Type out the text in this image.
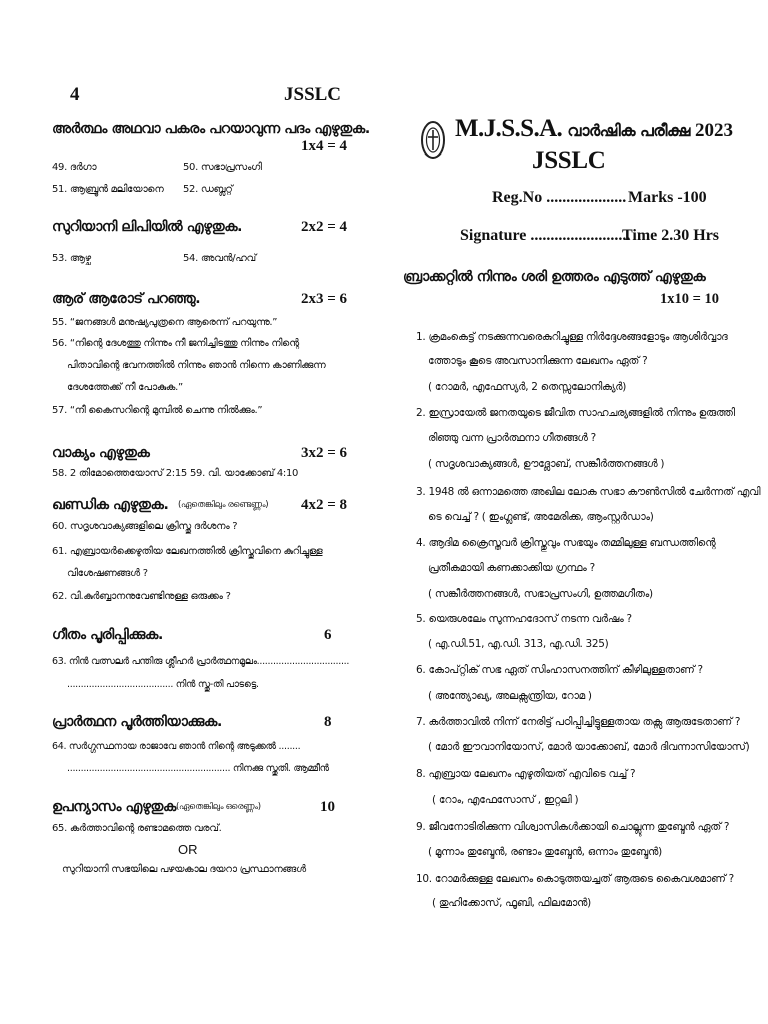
4	JSSLC
അർത്ഥം അഥവാ പകരം പറയാവുന്ന പദം എഴുതുക.
1x4 = 4
49. ദർഗാ	50. സഭാപ്രസംഗി
51. ആബ്രൂൻ മലിയോനെ 52. ഡബ്ലറ്റ്
സുറിയാനി ലിപിയിൽ എഴുതുക.	2x2 = 4
53. ആഴ്ച	54. അവൻ/ഹവ്
ആര് ആരോട് പറഞ്ഞു.	2x3 = 6
55. “ജനങ്ങൾ മനുഷ്യപുത്രനെ ആരെന്ന് പറയുന്നു.”
56. “നിന്റെ ദേശത്തു നിന്നും നീ ജനിച്ചിടത്തു നിന്നും നിന്റെ
പിതാവിന്റെ ഭവനത്തിൽ നിന്നും ഞാൻ നിന്നെ കാണിക്കുന്ന
ദേശത്തേക്ക് നീ പോകുക.”
57. “നീ കൈസറിന്റെ മുമ്പിൽ ചെന്നു നിൽക്കും.”
വാക്യം എഴുതുക	3x2 = 6
58. 2 തിമോത്തെയോസ് 2:15 59. വി. യാക്കോബ് 4:10
ഖണ്ഡിക എഴുതുക. (ഏതെങ്കിലും രണ്ടെണ്ണം) 4x2 = 8
60. സദൃശവാക്യങ്ങളിലെ ക്രിസ്തു ദർശനം ?
61. എബ്രായർക്കെഴുതിയ ലേഖനത്തിൽ ക്രിസ്തുവിനെ കുറിച്ചുള്ള
വിശേഷണങ്ങൾ ?
62. വി.കുർബ്ബാനനുവേണ്ടിനുള്ള ഒരുക്കം ?
ഗീതം പൂരിപ്പിക്കുക.	6
63. നിൻ വത്സലർ പന്തിരു ശ്ലീഹർ പ്രാർത്ഥനമൂലം..................................
....................................... നിൻ സ്തു-തി പാടട്ടെ.
പ്രാർത്ഥന പൂർത്തിയാക്കുക.	8
64. സർഗ്ഗസ്ഥനായ രാജാവേ ഞാൻ നിന്റെ അടുക്കൽ ........
............................................................ നിനക്കു സ്തുതി. ആമ്മീൻ
ഉപന്യാസം എഴുതുക (ഏതെങ്കിലും ഒരെണ്ണം)	10
65. കർത്താവിന്റെ രണ്ടാമത്തെ വരവ്.
OR
സുറിയാനി സഭയിലെ പഴയകാല ദയറാ പ്രസ്ഥാനങ്ങൾ
M.J.S.S.A. വാർഷിക പരീക്ഷ 2023
JSSLC
Reg.No .................... Marks -100
Signature .........................
Time 2.30 Hrs
ബ്രാക്കറ്റിൽ നിന്നും ശരി ഉത്തരം എടുത്ത് എഴുതുക
1x10 = 10
1. ക്രമംകെട്ട് നടക്കുന്നവരെകുറിച്ചുള്ള നിർദ്ദേശങ്ങളോടും ആശിർവ്വാദ
ത്തോടും കൂടെ അവസാനിക്കുന്ന ലേഖനം ഏത് ?
( റോമർ, എഫേസ്യർ, 2 തെസ്സലോനിക്യർ)
2. ഇസ്രായേൽ ജനതയുടെ ജീവിത സാഹചര്യങ്ങളിൽ നിന്നും ഉരുത്തി
രിഞ്ഞു വന്ന പ്രാർത്ഥനാ ഗീതങ്ങൾ ?
( സദൃശവാക്യങ്ങൾ, ഊദ്ലോബ്, സങ്കീർത്തനങ്ങൾ )
3. 1948 ൽ ഒന്നാമത്തെ അഖില ലോക സഭാ കൗൺസിൽ ചേർന്നത് എവി
ടെ വെച്ച് ? ( ഇംഗ്ലണ്ട്, അമേരിക്ക, ആംസ്റ്റർഡാം)
4. ആദിമ ക്രൈസ്തവർ ക്രിസ്തുവും സഭയും തമ്മിലുള്ള ബന്ധത്തിന്റെ
പ്രതീകമായി കണക്കാക്കിയ ഗ്രന്ഥം ?
( സങ്കീർത്തനങ്ങൾ, സഭാപ്രസംഗി, ഉത്തമഗീതം)
5. യെരുശലേം സുന്നഹദോസ് നടന്ന വർഷം ?
( എ.ഡി.51, എ.ഡി. 313, എ.ഡി. 325)
6. കോപ്റ്റിക് സഭ ഏത് സിംഹാസനത്തിന് കീഴിലുള്ളതാണ് ?
( അന്ത്യോഖ്യ, അലക്സന്ത്രിയ, റോമ )
7. കർത്താവിൽ നിന്ന് നേരിട്ട് പഠിപ്പിച്ചിട്ടുള്ളതായ തക്സ ആരുടേതാണ് ?
( മോർ ഈവാനിയോസ്, മോർ യാക്കോബ്, മോർ ദിവന്നാസിയോസ്)
8. എബ്രായ ലേഖനം എഴുതിയത് എവിടെ വച്ച് ?
( റോം, എഫേസോസ് , ഇറ്റലി )
9. ജീവനോടിരിക്കുന്ന വിശ്വാസികൾക്കായി ചൊല്ലുന്ന തുബ്ദേൻ ഏത് ?
( മൂന്നാം തുബ്ദേൻ, രണ്ടാം തുബ്ദേൻ, ഒന്നാം തുബ്ദേൻ)
10. റോമർക്കുള്ള ലേഖനം കൊടുത്തയച്ചത് ആരുടെ കൈവശമാണ് ?
( തുഹിക്കോസ്, ഫൂബി, ഫിലമോൻ)
